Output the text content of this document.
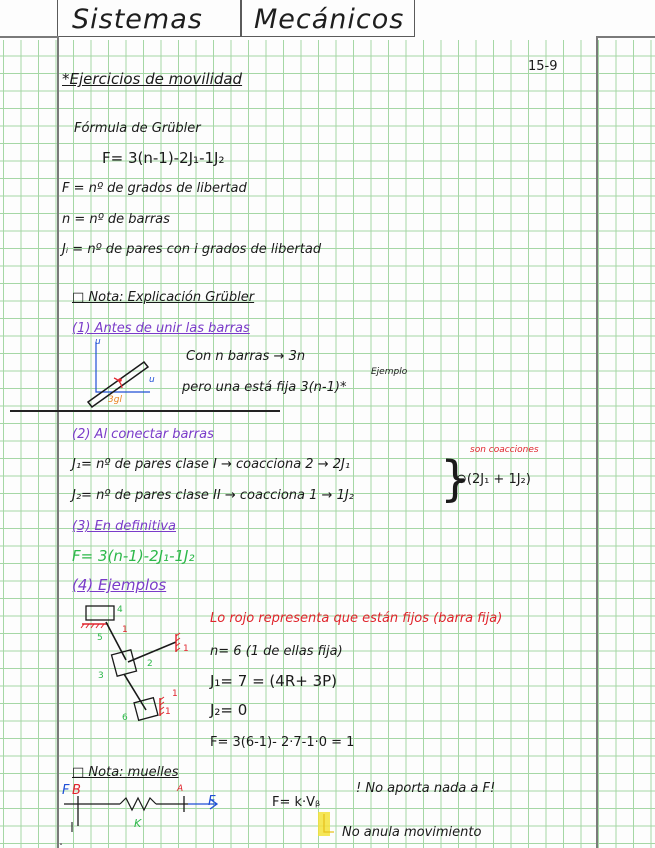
Sistemas Mecánicos
15-9
*Ejercicios de movilidad
Fórmula de Grübler
F= 3(n-1)-2J₁-1J₂
F = nº de grados de libertad
n = nº de barras
Jᵢ = nº de pares con i grados de libertad
□ Nota: Explicación Grübler
(1) Antes de unir las barras
u
u
3gl
Con n barras → 3n
pero una está fija 3(n-1)*
Ejemplo
(2) Al conectar barras
J₁= nº de pares clase I → coacciona 2 → 2J₁
J₂= nº de pares clase II → coacciona 1 → 1J₂ }
son coacciones
⊖(2J₁ + 1J₂)
(3) En definitiva
F= 3(n-1)-2J₁-1J₂
(4) Ejemplos
4
5
1
2
3
6
1
1
1
Lo rojo representa que están fijos (barra fija)
n= 6 (1 de ellas fija)
J₁= 7 = (4R+ 3P)
J₂= 0
F= 3(6-1)- 2·7-1·0 = 1
□ Nota: muelles
F B	A
F
K
F= k·Vᵦ
! No aporta nada a F!
No anula movimiento
